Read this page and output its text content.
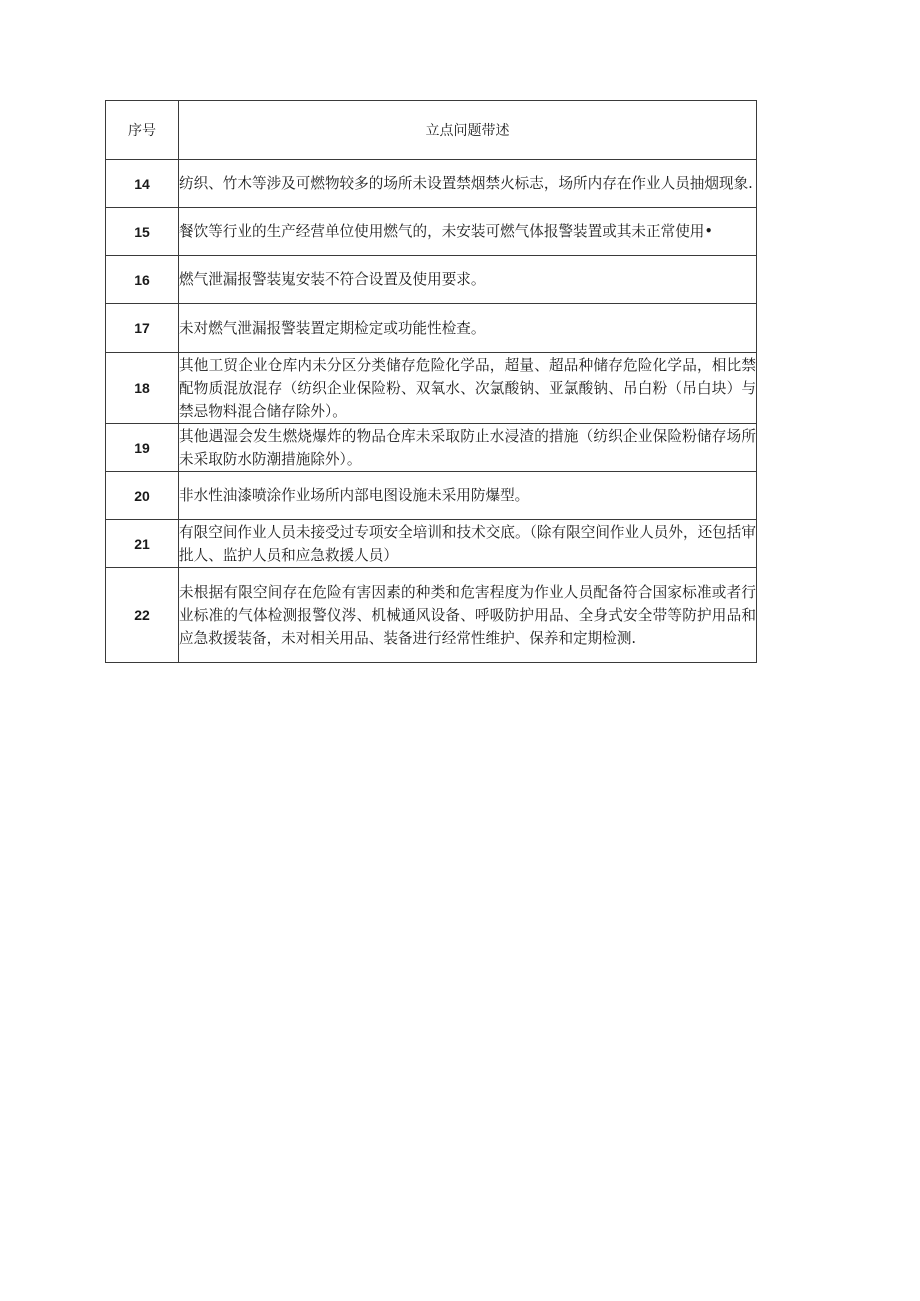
序号	立点问题带述
14	纺织、竹木等涉及可燃物较多的场所未设置禁烟禁火标志，场所内存在作业人员抽烟现象.
15	餐饮等行业的生产经营单位使用燃气的，未安装可燃气体报警装置或其未正常使用•
16	燃气泄漏报警装嵬安装不符合设置及使用要求。
17	未对燃气泄漏报警装置定期检定或功能性检查。
18	其他工贸企业仓库内未分区分类储存危险化学品，超量、超品种储存危险化学品，相比禁配物质混放混存（纺织企业保险粉、双氧水、次氯酸钠、亚氯酸钠、吊白粉（吊白块）与禁忌物料混合储存除外）。
19	其他遇湿会发生燃烧爆炸的物品仓库未采取防止水浸渣的措施（纺织企业保险粉储存场所未采取防水防潮措施除外）。
20	非水性油漆喷涂作业场所内部电图设施未采用防爆型。
21	有限空间作业人员未接受过专项安全培训和技术交底。（除有限空间作业人员外，还包括审批人、监护人员和应急救援人员）
22	未根据有限空间存在危险有害因素的种类和危害程度为作业人员配备符合国家标准或者行业标准的气体检测报警仪涔、机械通风设备、呼吸防护用品、全身式安全带等防护用品和应急救援装备，未对相关用品、装备进行经常性维护、保养和定期检测.
